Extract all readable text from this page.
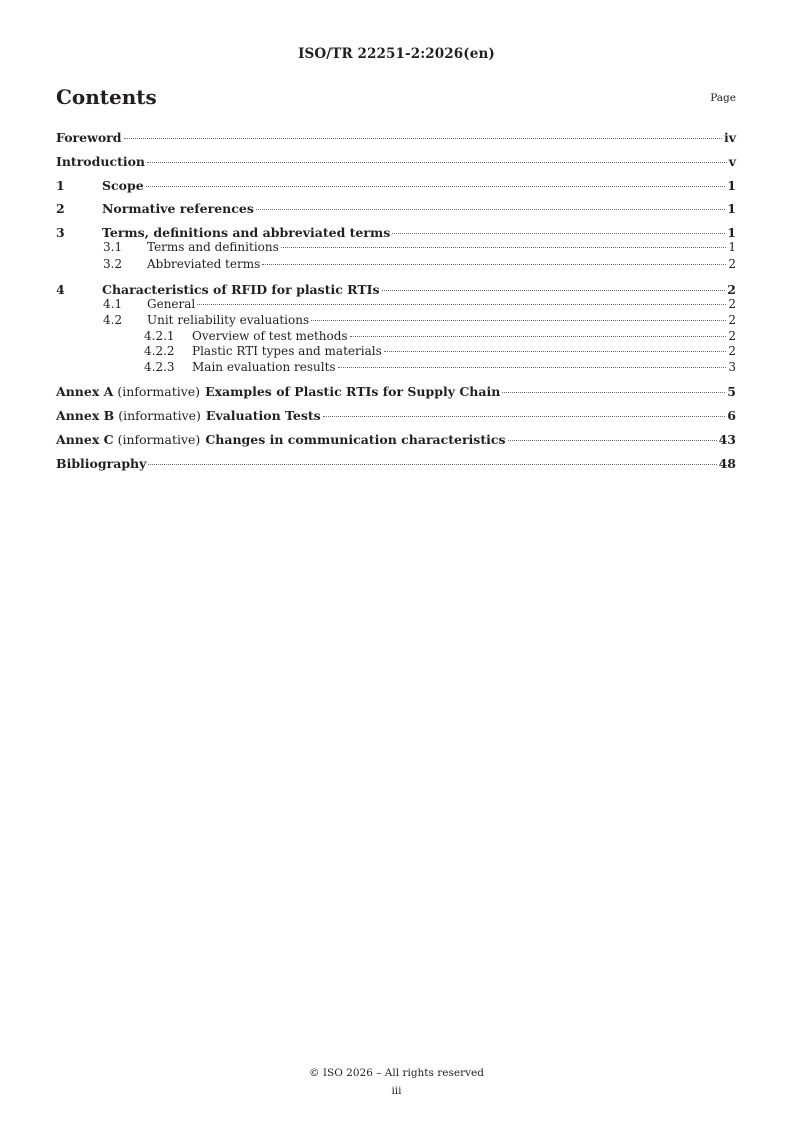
ISO/TR 22251-2:2026(en)
Contents	Page
Foreword	iv
Introduction	v
1	Scope	1
2	Normative references	1
3	Terms, definitions and abbreviated terms	1
3.1	Terms and definitions	1
3.2	Abbreviated terms	2
4	Characteristics of RFID for plastic RTIs	2
4.1	General	2
4.2	Unit reliability evaluations	2
4.2.1	Overview of test methods	2
4.2.2	Plastic RTI types and materials	2
4.2.3	Main evaluation results	3
Annex A (informative) Examples of Plastic RTIs for Supply Chain	5
Annex B (informative) Evaluation Tests	6
Annex C (informative) Changes in communication characteristics	43
Bibliography	48
© ISO 2026 – All rights reserved
iii
